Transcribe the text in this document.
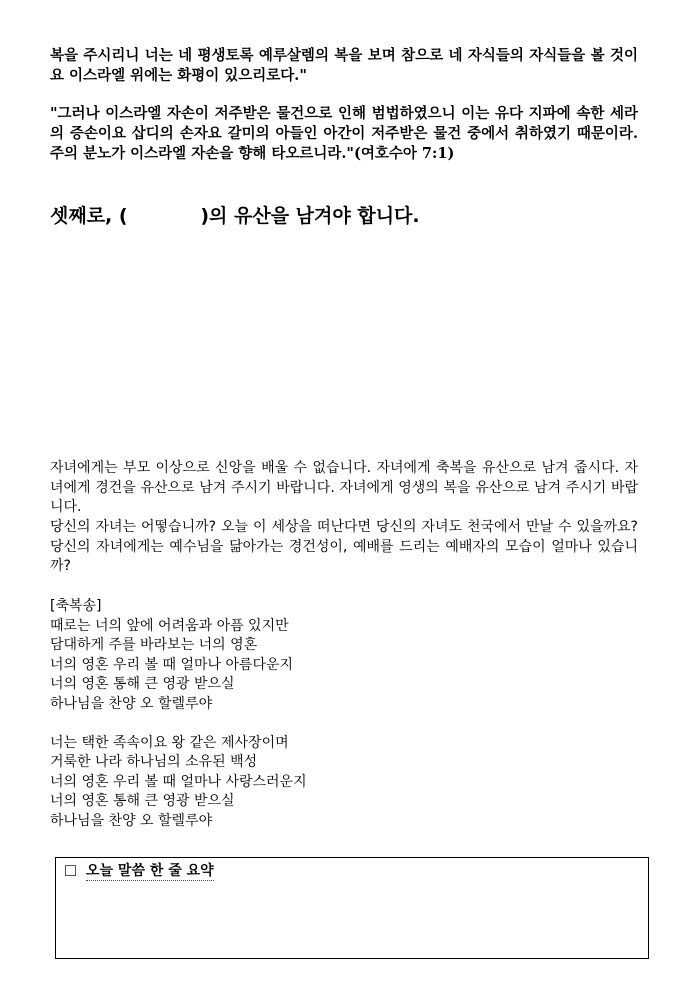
복을 주시리니 너는 네 평생토록 예루살렘의 복을 보며 참으로 네 자식들의 자식들을 볼 것이요 이스라엘 위에는 화평이 있으리로다."
"그러나 이스라엘 자손이 저주받은 물건으로 인해 범법하였으니 이는 유다 지파에 속한 세라의 증손이요 삽디의 손자요 갈미의 아들인 아간이 저주받은 물건 중에서 취하였기 때문이라. 주의 분노가 이스라엘 자손을 향해 타오르니라."(여호수아 7:1)
셋째로, (           )의 유산을 남겨야 합니다.
자녀에게는 부모 이상으로 신앙을 배울 수 없습니다. 자녀에게 축복을 유산으로 남겨 줍시다. 자녀에게 경건을 유산으로 남겨 주시기 바랍니다. 자녀에게 영생의 복을 유산으로 남겨 주시기 바랍니다.
당신의 자녀는 어떻습니까? 오늘 이 세상을 떠난다면 당신의 자녀도 천국에서 만날 수 있을까요? 당신의 자녀에게는 예수님을 닮아가는 경건성이, 예배를 드리는 예배자의 모습이 얼마나 있습니까?
[축복송]
때로는 너의 앞에 어려움과 아픔 있지만
담대하게 주를 바라보는 너의 영혼
너의 영혼 우리 볼 때 얼마나 아름다운지
너의 영혼 통해 큰 영광 받으실
하나님을 찬양 오 할렐루야

너는 택한 족속이요 왕 같은 제사장이며
거룩한 나라 하나님의 소유된 백성
너의 영혼 우리 볼 때 얼마나 사랑스러운지
너의 영혼 통해 큰 영광 받으실
하나님을 찬양 오 할렐루야
오늘 말씀 한 줄 요약
